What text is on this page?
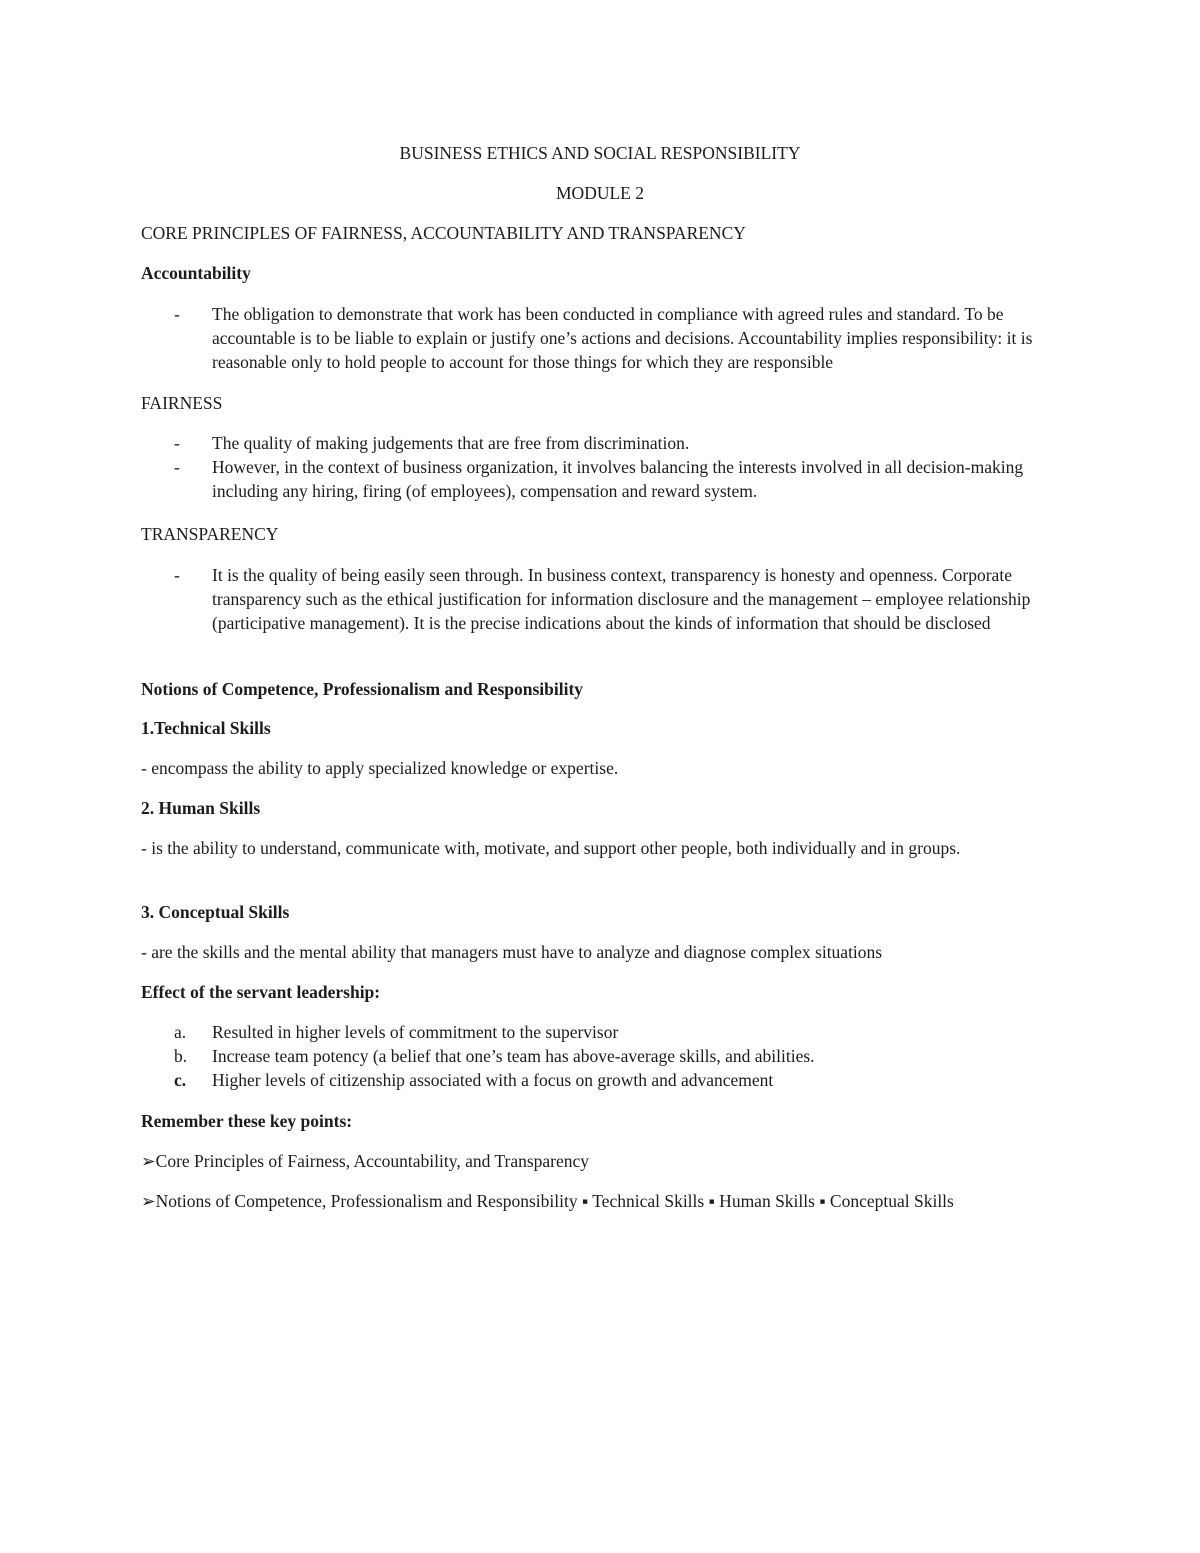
BUSINESS ETHICS AND SOCIAL RESPONSIBILITY

MODULE 2

CORE PRINCIPLES OF FAIRNESS, ACCOUNTABILITY AND TRANSPARENCY

Accountability

- The obligation to demonstrate that work has been conducted in compliance with agreed rules and standard. To be accountable is to be liable to explain or justify one’s actions and decisions. Accountability implies responsibility: it is reasonable only to hold people to account for those things for which they are responsible

FAIRNESS

- The quality of making judgements that are free from discrimination.
- However, in the context of business organization, it involves balancing the interests involved in all decision-making including any hiring, firing (of employees), compensation and reward system.

TRANSPARENCY

- It is the quality of being easily seen through. In business context, transparency is honesty and openness. Corporate transparency such as the ethical justification for information disclosure and the management – employee relationship (participative management). It is the precise indications about the kinds of information that should be disclosed

Notions of Competence, Professionalism and Responsibility

1.Technical Skills

- encompass the ability to apply specialized knowledge or expertise.

2. Human Skills

- is the ability to understand, communicate with, motivate, and support other people, both individually and in groups.

3. Conceptual Skills

- are the skills and the mental ability that managers must have to analyze and diagnose complex situations

Effect of the servant leadership:

a. Resulted in higher levels of commitment to the supervisor
b. Increase team potency (a belief that one’s team has above-average skills, and abilities.
c. Higher levels of citizenship associated with a focus on growth and advancement

Remember these key points:

➢Core Principles of Fairness, Accountability, and Transparency

➢Notions of Competence, Professionalism and Responsibility ▪ Technical Skills ▪ Human Skills ▪ Conceptual Skills
